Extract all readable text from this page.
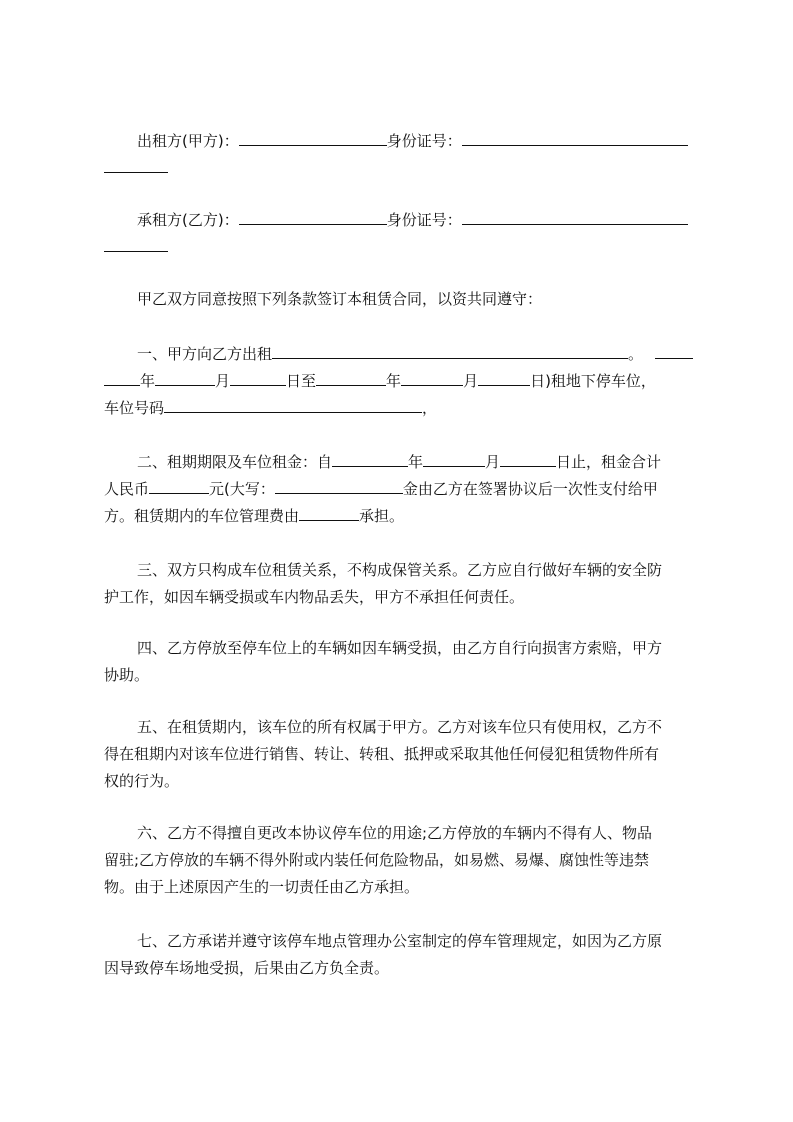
出租方(甲方)：	身份证号：
承租方(乙方)：	身份证号：
甲乙双方同意按照下列条款签订本租赁合同，以资共同遵守：
一、甲方向乙方出租	。
年	月	日至	年	月	日)租地下停车位，
车位号码	，
二、租期期限及车位租金：自	年	月	日止，租金合计
人民币	元(大写：	金由乙方在签署协议后一次性支付给甲
方。租赁期内的车位管理费由	承担。
三、双方只构成车位租赁关系，不构成保管关系。乙方应自行做好车辆的安全防
护工作，如因车辆受损或车内物品丢失，甲方不承担任何责任。
四、乙方停放至停车位上的车辆如因车辆受损，由乙方自行向损害方索赔，甲方
协助。
五、在租赁期内，该车位的所有权属于甲方。乙方对该车位只有使用权，乙方不
得在租期内对该车位进行销售、转让、转租、抵押或采取其他任何侵犯租赁物件所有
权的行为。
六、乙方不得擅自更改本协议停车位的用途;乙方停放的车辆内不得有人、物品
留驻;乙方停放的车辆不得外附或内装任何危险物品，如易燃、易爆、腐蚀性等违禁
物。由于上述原因产生的一切责任由乙方承担。
七、乙方承诺并遵守该停车地点管理办公室制定的停车管理规定，如因为乙方原
因导致停车场地受损，后果由乙方负全责。
